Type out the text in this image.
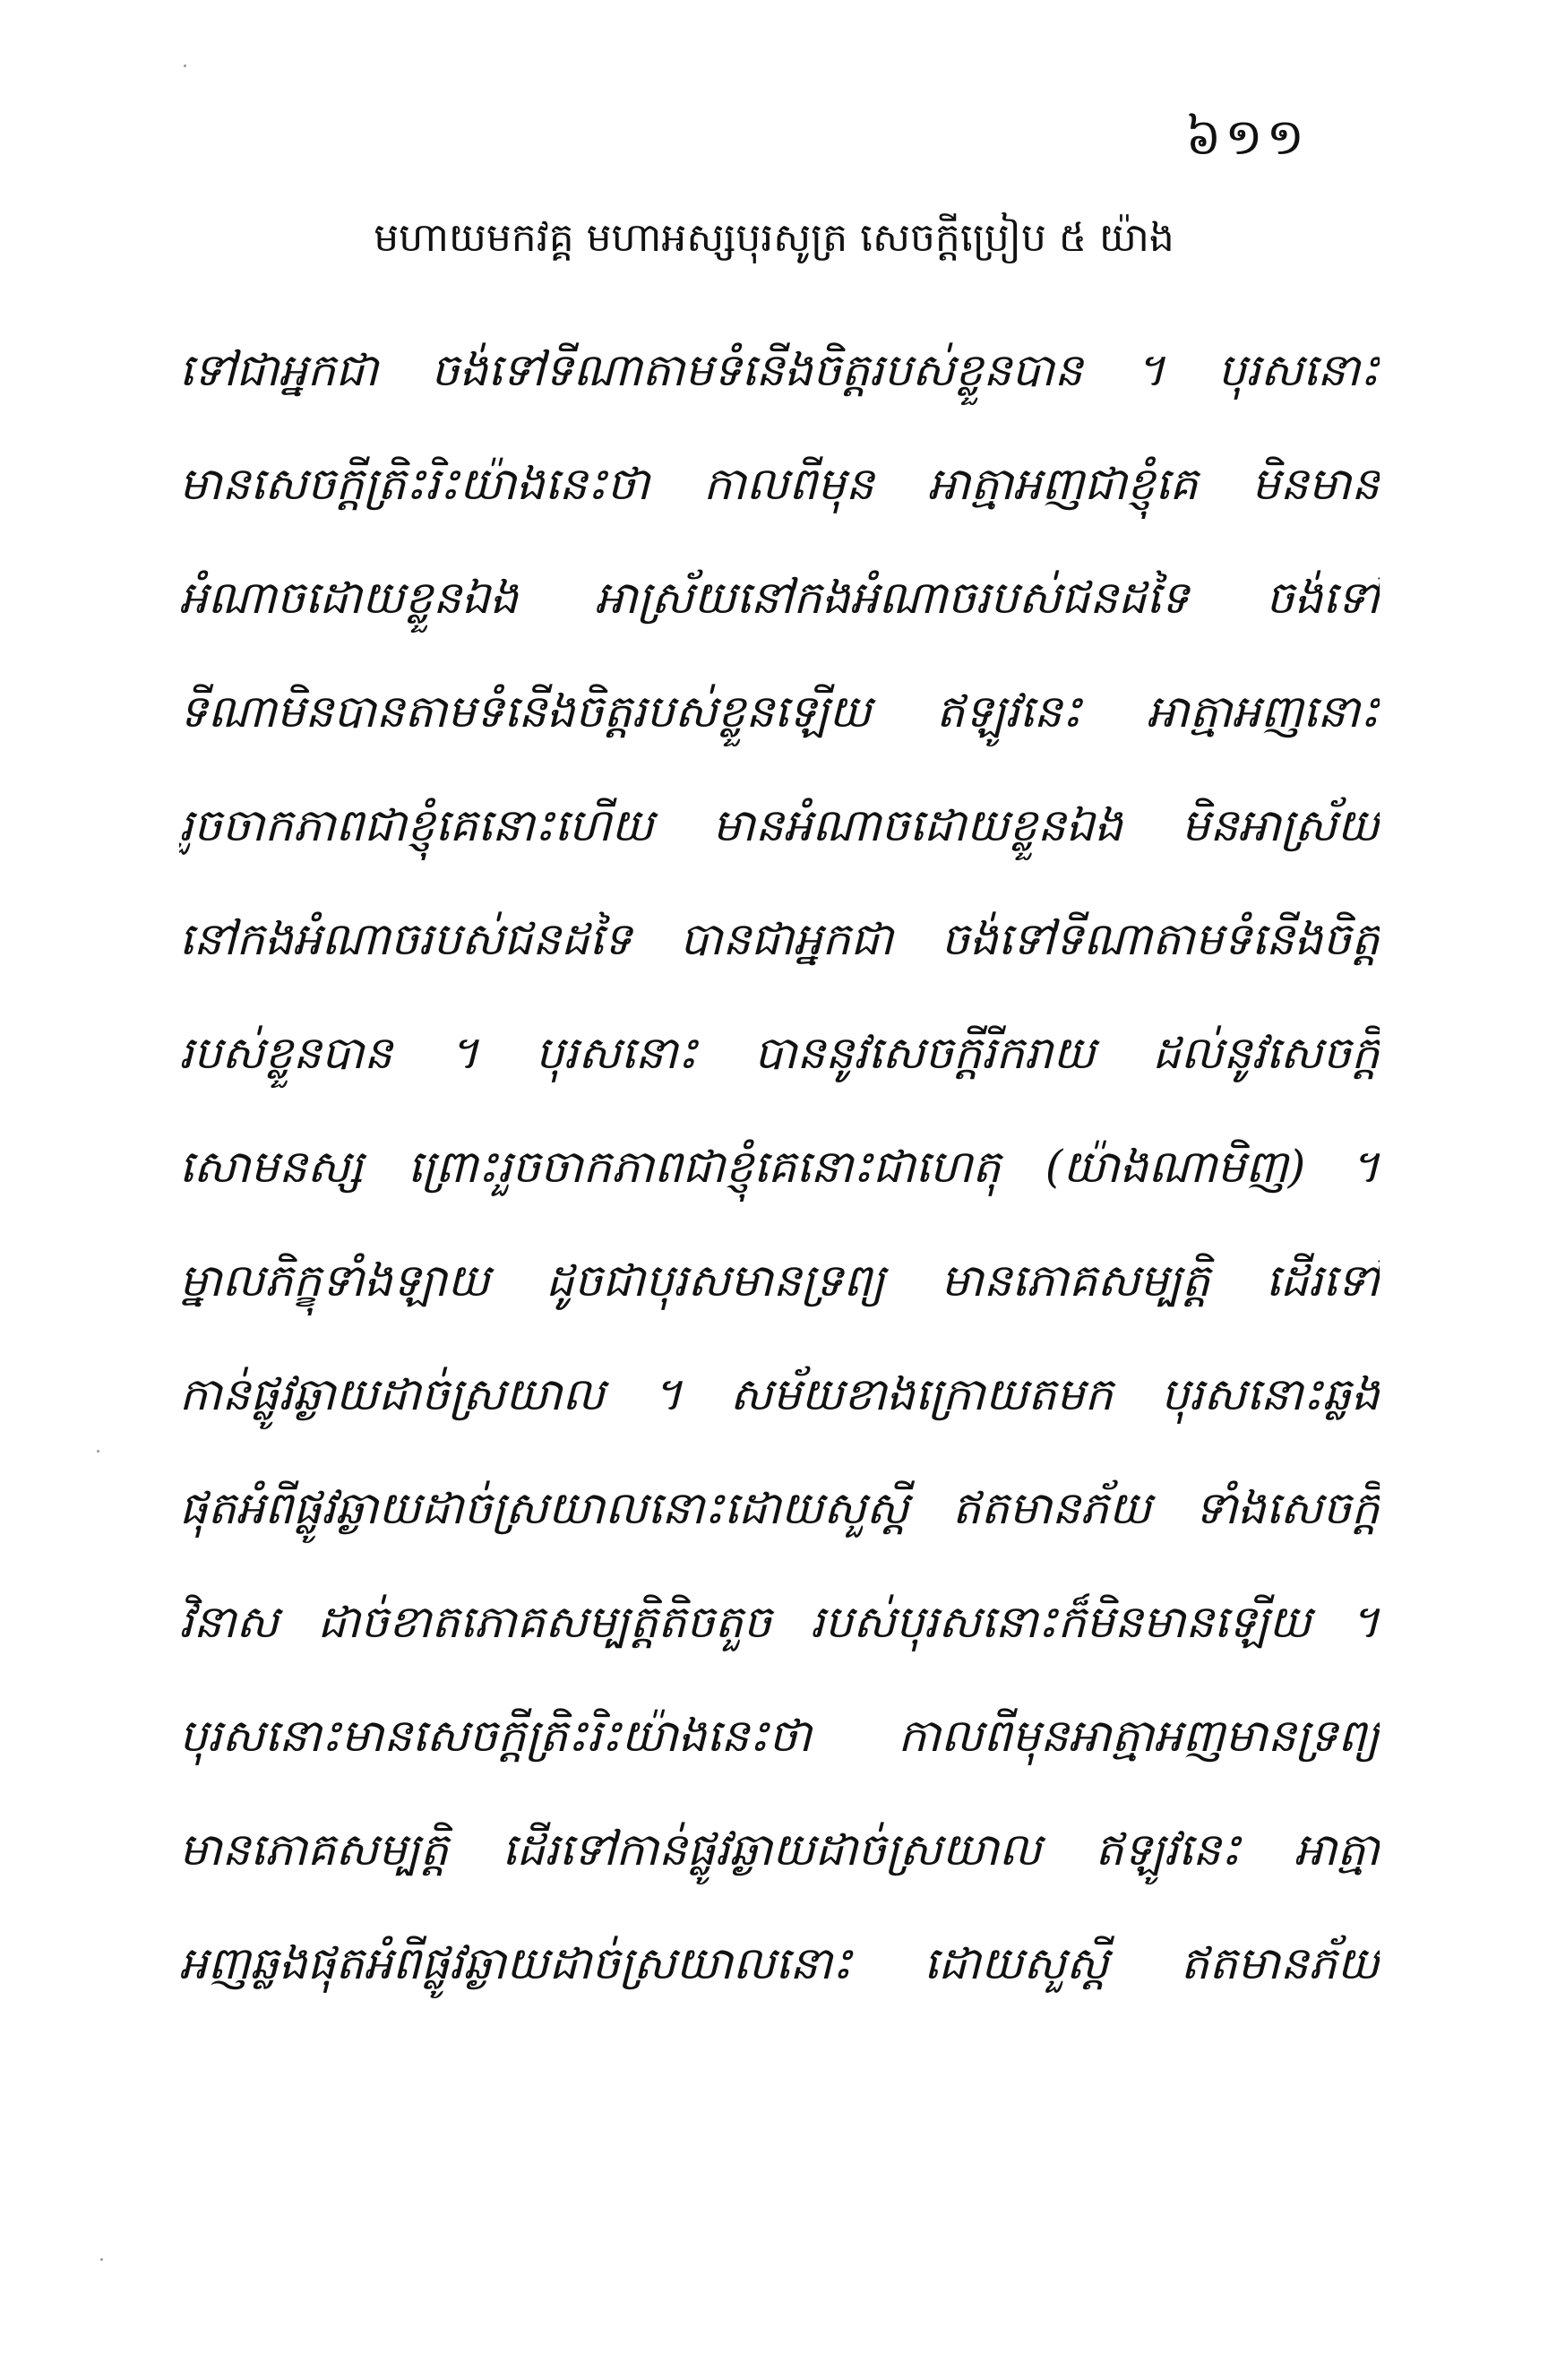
៦១១
មហាយមកវគ្គ មហាអស្សបុរសូត្រ សេចក្តីប្រៀប ៥ យ៉ាង
ទៅជាអ្នកជា ចង់ទៅទីណាតាមទំនើងចិត្តរបស់ខ្លួនបាន ។ បុរសនោះ
មានសេចក្តីត្រិះរិះយ៉ាងនេះថា កាលពីមុន អាត្មាអញជាខ្ញុំគេ មិនមាន
អំណាចដោយខ្លួនឯង អាស្រ័យនៅកងអំណាចរបស់ជនដទៃ ចង់ទៅ
ទីណាមិនបានតាមទំនើងចិត្តរបស់ខ្លួនឡើយ ឥឡូវនេះ អាត្មាអញនោះ
រួចចាកភាពជាខ្ញុំគេនោះហើយ មានអំណាចដោយខ្លួនឯង មិនអាស្រ័យ
នៅកងអំណាចរបស់ជនដទៃ បានជាអ្នកជា ចង់ទៅទីណាតាមទំនើងចិត្ត
របស់ខ្លួនបាន ។ បុរសនោះ បាននូវសេចក្តីរីករាយ ដល់នូវសេចក្តី
សោមនស្ស ព្រោះរួចចាកភាពជាខ្ញុំគេនោះជាហេតុ (យ៉ាងណាមិញ) ។
ម្នាលភិក្ខុទាំងឡាយ ដូចជាបុរសមានទ្រព្យ មានភោគសម្បត្តិ ដើរទៅ
កាន់ផ្លូវឆ្ងាយដាច់ស្រយាល ។ សម័យខាងក្រោយតមក បុរសនោះឆ្លង
ផុតអំពីផ្លូវឆ្ងាយដាច់ស្រយាលនោះដោយសួស្តី ឥតមានភ័យ ទាំងសេចក្តី
វិនាស ដាច់ខាតភោគសម្បត្តិតិចតួច របស់បុរសនោះក៏មិនមានឡើយ ។
បុរសនោះមានសេចក្តីត្រិះរិះយ៉ាងនេះថា កាលពីមុនអាត្មាអញមានទ្រព្យ
មានភោគសម្បត្តិ ដើរទៅកាន់ផ្លូវឆ្ងាយដាច់ស្រយាល ឥឡូវនេះ អាត្មា
អញឆ្លងផុតអំពីផ្លូវឆ្ងាយដាច់ស្រយាលនោះ ដោយសួស្តី ឥតមានភ័យ
